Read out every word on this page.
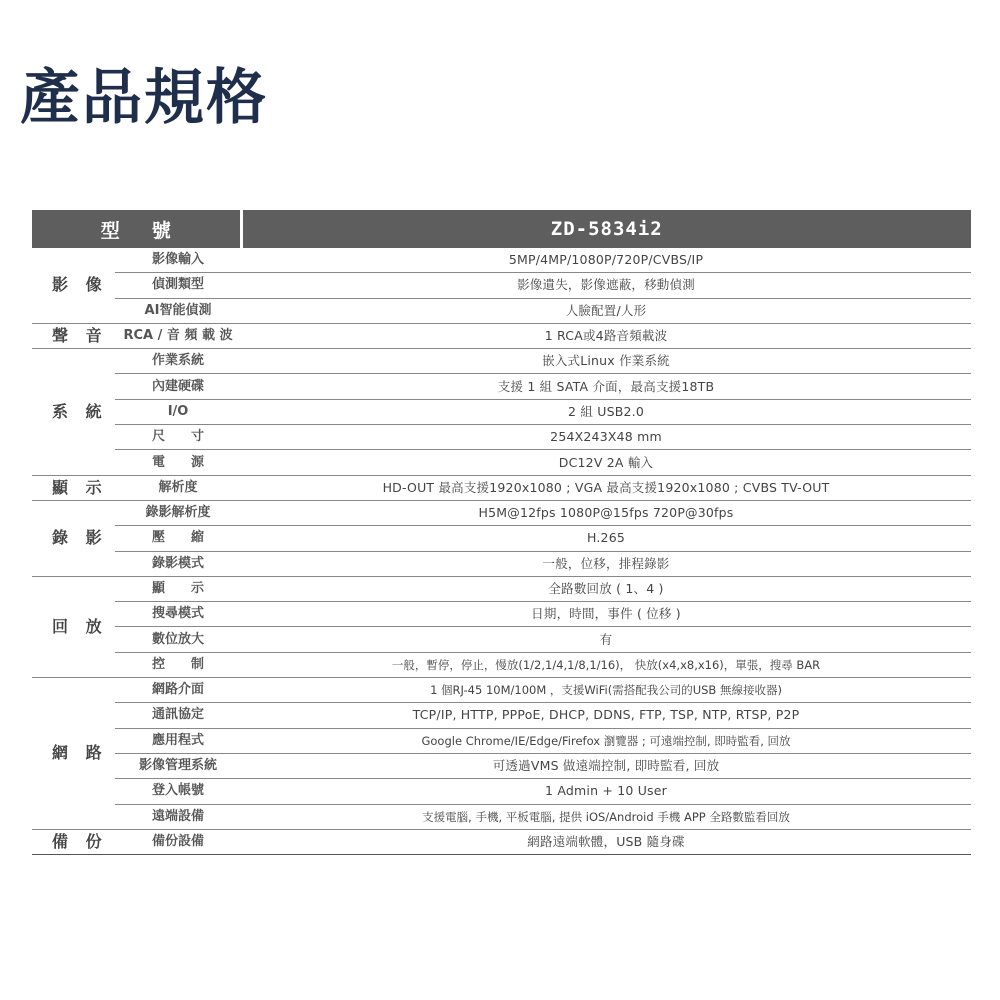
產品規格
型號		ZD-5834i2
影 像	影像輸入	5MP/4MP/1080P/720P/CVBS/IP
	偵測類型	影像遺失，影像遮蔽，移動偵測
	AI智能偵測	人臉配置/人形
聲 音	RCA / 音 頻 載 波	1 RCA或4路音頻載波
系 統	作業系統	嵌入式Linux 作業系統
	內建硬碟	支援 1 組 SATA 介面，最高支援18TB
	I/O	2 組 USB2.0
	尺　　寸	254X243X48 mm
	電　　源	DC12V 2A 輸入
顯 示	解析度	HD-OUT 最高支援1920x1080 ; VGA 最高支援1920x1080 ; CVBS TV-OUT
錄 影	錄影解析度	H5M@12fps 1080P@15fps 720P@30fps
	壓　　縮	H.265
	錄影模式	一般，位移，排程錄影
回 放	顯　　示	全路數回放 ( 1、4 )
	搜尋模式	日期，時間，事件 ( 位移 )
	數位放大	有
	控　　制	一般，暫停，停止，慢放(1/2,1/4,1/8,1/16)， 快放(x4,x8,x16)，單張，搜尋 BAR
網 路	網路介面	1 個RJ-45 10M/100M ，支援WiFi(需搭配我公司的USB 無線接收器)
	通訊協定	TCP/IP, HTTP, PPPoE, DHCP, DDNS, FTP, TSP, NTP, RTSP, P2P
	應用程式	Google Chrome/IE/Edge/Firefox 瀏覽器 ; 可遠端控制, 即時監看, 回放
	影像管理系統	可透過VMS 做遠端控制, 即時監看, 回放
	登入帳號	1 Admin + 10 User
	遠端設備	支援電腦, 手機, 平板電腦, 提供 iOS/Android 手機 APP 全路數監看回放
備 份	備份設備	網路遠端軟體，USB 隨身碟
